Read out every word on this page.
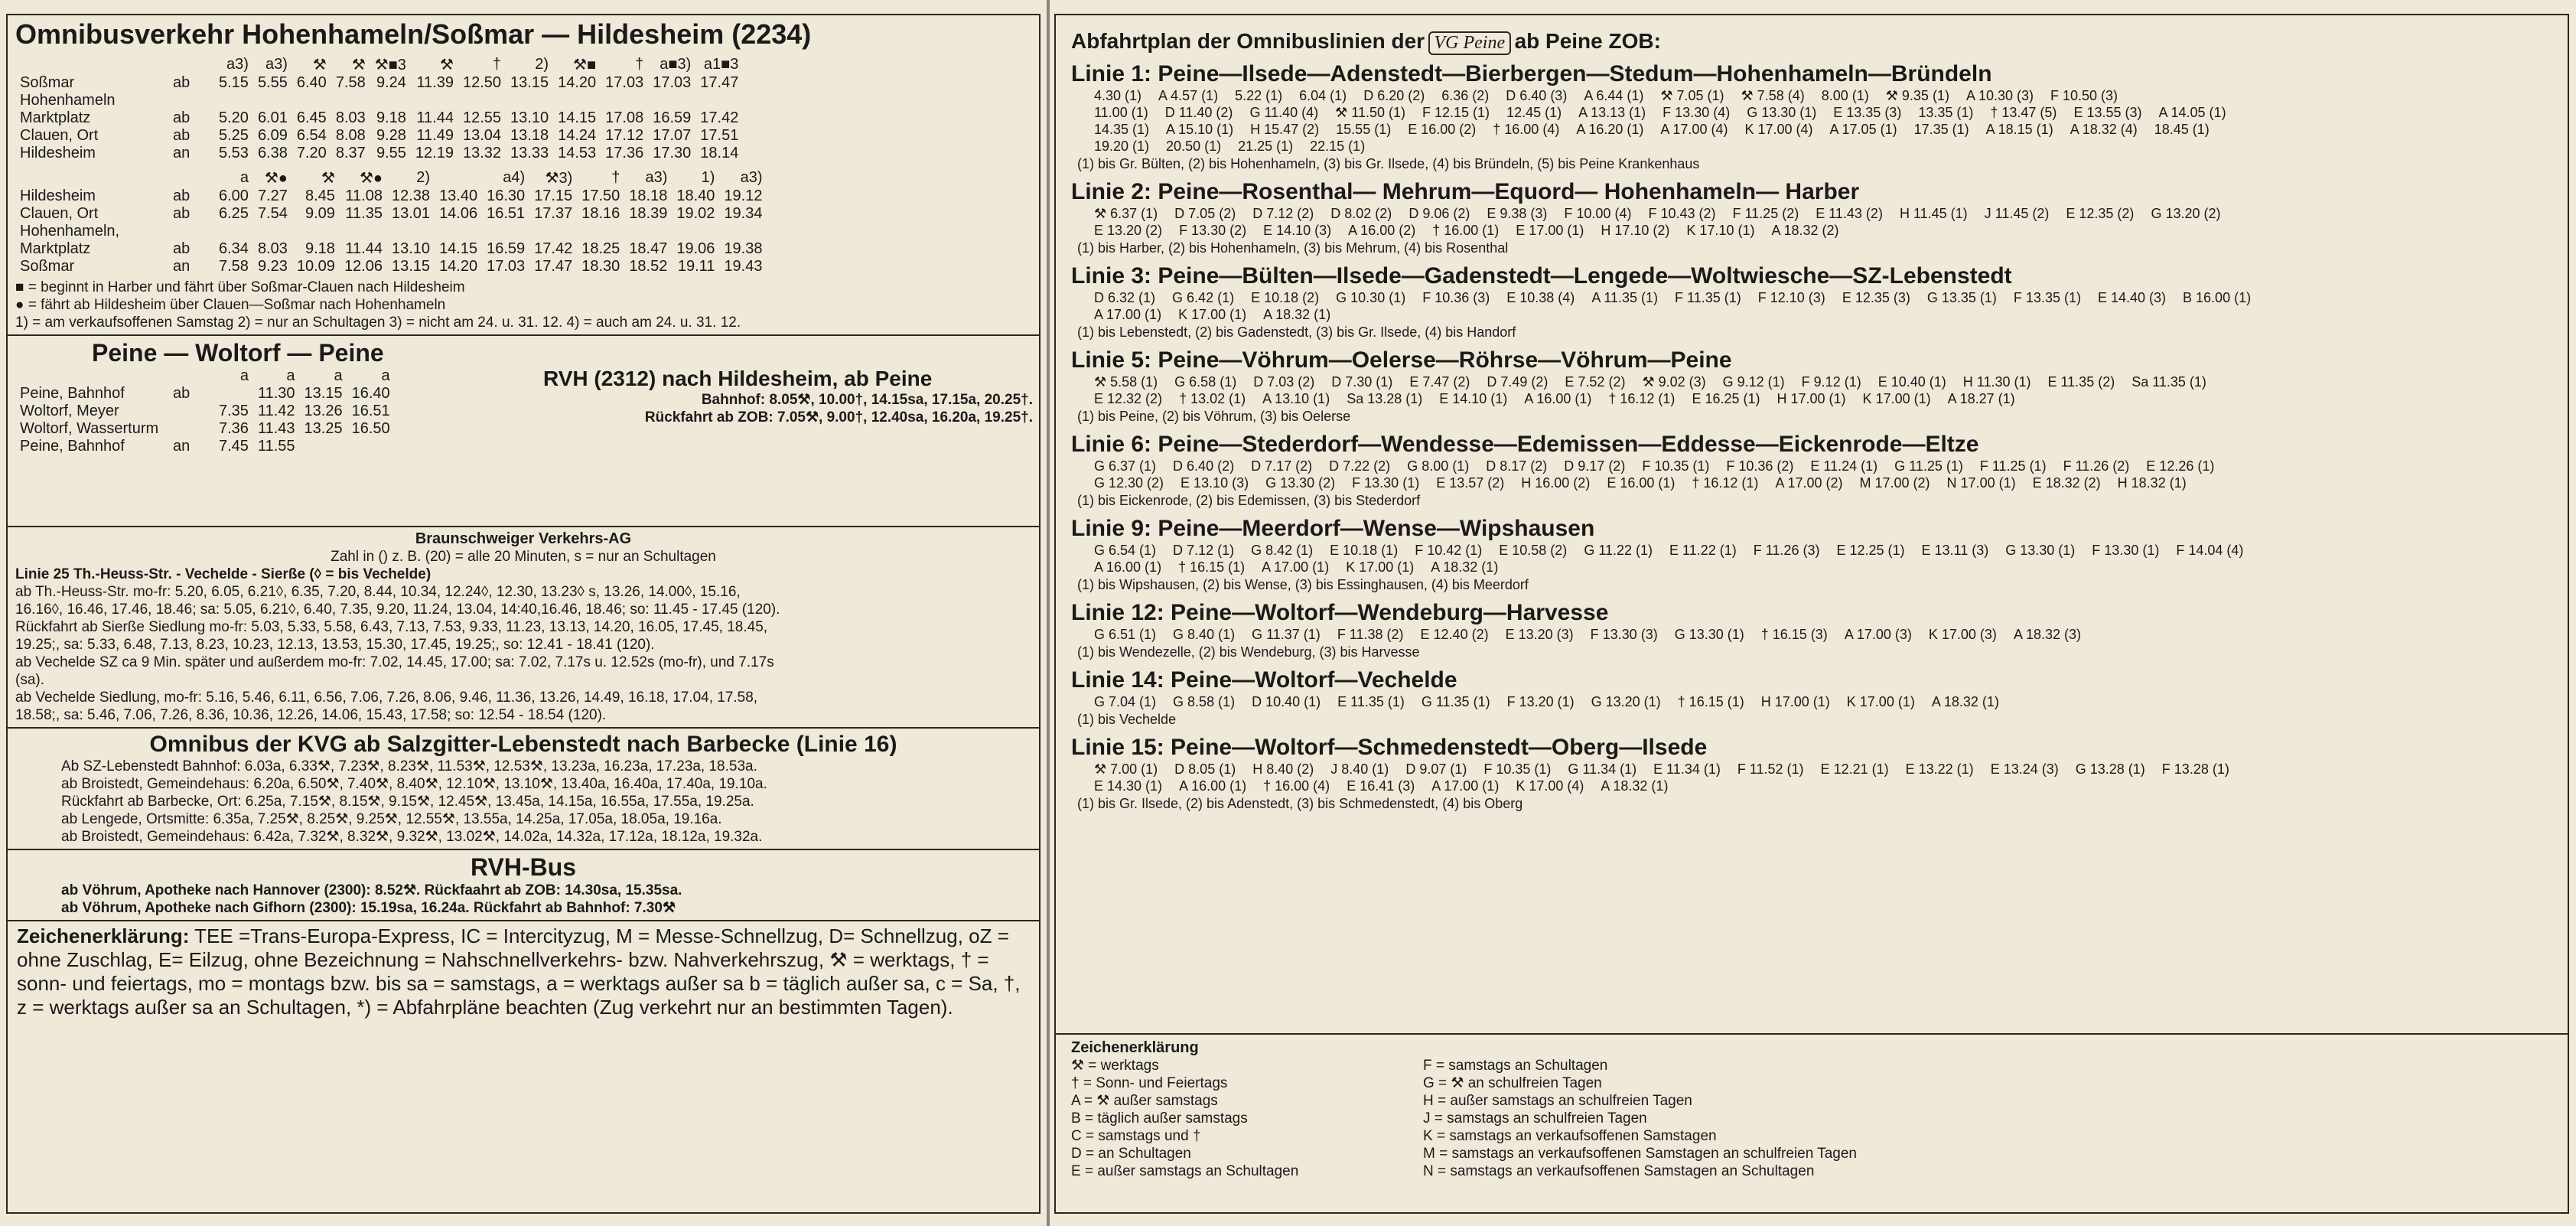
Omnibusverkehr Hohenhameln/Soßmar — Hildesheim (2234)
		a3)	a3)	⚒	⚒	⚒■3	⚒	†	2)	⚒■	†	a■3)	a1■3
Soßmar	ab	5.15	5.55	6.40	7.58	9.24	11.39	12.50	13.15	14.20	17.03	17.03	17.47
Hohenhameln													
Marktplatz	ab	5.20	6.01	6.45	8.03	9.18	11.44	12.55	13.10	14.15	17.08	16.59	17.42
Clauen, Ort	ab	5.25	6.09	6.54	8.08	9.28	11.49	13.04	13.18	14.24	17.12	17.07	17.51
Hildesheim	an	5.53	6.38	7.20	8.37	9.55	12.19	13.32	13.33	14.53	17.36	17.30	18.14
		a	⚒●	⚒	⚒●	2)		a4)	⚒3)	†	a3)	1)	a3)
Hildesheim	ab	6.00	7.27	8.45	11.08	12.38	13.40	16.30	17.15	17.50	18.18	18.40	19.12
Clauen, Ort	ab	6.25	7.54	9.09	11.35	13.01	14.06	16.51	17.37	18.16	18.39	19.02	19.34
Hohenhameln,													
Marktplatz	ab	6.34	8.03	9.18	11.44	13.10	14.15	16.59	17.42	18.25	18.47	19.06	19.38
Soßmar	an	7.58	9.23	10.09	12.06	13.15	14.20	17.03	17.47	18.30	18.52	19.11	19.43
■ = beginnt in Harber und fährt über Soßmar-Clauen nach Hildesheim
● = fährt ab Hildesheim über Clauen—Soßmar nach Hohenhameln
1) = am verkaufsoffenen Samstag 2) = nur an Schultagen 3) = nicht am 24. u. 31. 12. 4) = auch am 24. u. 31. 12.
Peine — Woltorf — Peine
		a	a	a	a
Peine, Bahnhof	ab		11.30	13.15	16.40
Woltorf, Meyer		7.35	11.42	13.26	16.51
Woltorf, Wasserturm		7.36	11.43	13.25	16.50
Peine, Bahnhof	an	7.45	11.55		
RVH (2312) nach Hildesheim, ab Peine
Bahnhof: 8.05⚒, 10.00†, 14.15sa, 17.15a, 20.25†.
Rückfahrt ab ZOB: 7.05⚒, 9.00†, 12.40sa, 16.20a, 19.25†.
Braunschweiger Verkehrs-AG
Zahl in () z. B. (20) = alle 20 Minuten, s = nur an Schultagen
Linie 25 Th.-Heuss-Str. - Vechelde - Sierße (◊ = bis Vechelde)
ab Th.-Heuss-Str. mo-fr: 5.20, 6.05, 6.21◊, 6.35, 7.20, 8.44, 10.34, 12.24◊, 12.30, 13.23◊ s, 13.26, 14.00◊, 15.16,
16.16◊, 16.46, 17.46, 18.46; sa: 5.05, 6.21◊, 6.40, 7.35, 9.20, 11.24, 13.04, 14:40,16.46, 18.46; so: 11.45 - 17.45 (120).
Rückfahrt ab Sierße Siedlung mo-fr: 5.03, 5.33, 5.58, 6.43, 7.13, 7.53, 9.33, 11.23, 13.13, 14.20, 16.05, 17.45, 18.45,
19.25;, sa: 5.33, 6.48, 7.13, 8.23, 10.23, 12.13, 13.53, 15.30, 17.45, 19.25;, so: 12.41 - 18.41 (120).
ab Vechelde SZ ca 9 Min. später und außerdem mo-fr: 7.02, 14.45, 17.00; sa: 7.02, 7.17s u. 12.52s (mo-fr), und 7.17s
(sa).
ab Vechelde Siedlung, mo-fr: 5.16, 5.46, 6.11, 6.56, 7.06, 7.26, 8.06, 9.46, 11.36, 13.26, 14.49, 16.18, 17.04, 17.58,
18.58;, sa: 5.46, 7.06, 7.26, 8.36, 10.36, 12.26, 14.06, 15.43, 17.58; so: 12.54 - 18.54 (120).
Omnibus der KVG ab Salzgitter-Lebenstedt nach Barbecke (Linie 16)
Ab SZ-Lebenstedt Bahnhof: 6.03a, 6.33⚒, 7.23⚒, 8.23⚒, 11.53⚒, 12.53⚒, 13.23a, 16.23a, 17.23a, 18.53a.
ab Broistedt, Gemeindehaus: 6.20a, 6.50⚒, 7.40⚒, 8.40⚒, 12.10⚒, 13.10⚒, 13.40a, 16.40a, 17.40a, 19.10a.
Rückfahrt ab Barbecke, Ort: 6.25a, 7.15⚒, 8.15⚒, 9.15⚒, 12.45⚒, 13.45a, 14.15a, 16.55a, 17.55a, 19.25a.
ab Lengede, Ortsmitte: 6.35a, 7.25⚒, 8.25⚒, 9.25⚒, 12.55⚒, 13.55a, 14.25a, 17.05a, 18.05a, 19.16a.
ab Broistedt, Gemeindehaus: 6.42a, 7.32⚒, 8.32⚒, 9.32⚒, 13.02⚒, 14.02a, 14.32a, 17.12a, 18.12a, 19.32a.
RVH-Bus
ab Vöhrum, Apotheke nach Hannover (2300): 8.52⚒. Rückfaahrt ab ZOB: 14.30sa, 15.35sa.
ab Vöhrum, Apotheke nach Gifhorn (2300): 15.19sa, 16.24a. Rückfahrt ab Bahnhof: 7.30⚒
Zeichenerklärung: TEE =Trans-Europa-Express, IC = Intercityzug, M = Messe-Schnellzug, D= Schnellzug, oZ = ohne Zuschlag, E= Eilzug, ohne Bezeichnung = Nahschnellverkehrs- bzw. Nahverkehrszug, ⚒ = werktags, † = sonn- und feiertags, mo = montags bzw. bis sa = samstags, a = werktags außer sa b = täglich außer sa, c = Sa, †, z = werktags außer sa an Schultagen, *) = Abfahrpläne beachten (Zug verkehrt nur an bestimmten Tagen).
Abfahrtplan der Omnibuslinien der VG Peine ab Peine ZOB:
Linie 1: Peine—Ilsede—Adenstedt—Bierbergen—Stedum—Hohenhameln—Bründeln
4.30 (1) A 4.57 (1) 5.22 (1) 6.04 (1) D 6.20 (2) 6.36 (2) D 6.40 (3) A 6.44 (1) ⚒ 7.05 (1) ⚒ 7.58 (4) 8.00 (1) ⚒ 9.35 (1) A 10.30 (3) F 10.50 (3)
11.00 (1) D 11.40 (2) G 11.40 (4) ⚒ 11.50 (1) F 12.15 (1) 12.45 (1) A 13.13 (1) F 13.30 (4) G 13.30 (1) E 13.35 (3) 13.35 (1) † 13.47 (5) E 13.55 (3) A 14.05 (1)
14.35 (1) A 15.10 (1) H 15.47 (2) 15.55 (1) E 16.00 (2) † 16.00 (4) A 16.20 (1) A 17.00 (4) K 17.00 (4) A 17.05 (1) 17.35 (1) A 18.15 (1) A 18.32 (4) 18.45 (1)
19.20 (1) 20.50 (1) 21.25 (1) 22.15 (1)
(1) bis Gr. Bülten, (2) bis Hohenhameln, (3) bis Gr. Ilsede, (4) bis Bründeln, (5) bis Peine Krankenhaus
Linie 2: Peine—Rosenthal— Mehrum—Equord— Hohenhameln— Harber
⚒ 6.37 (1) D 7.05 (2) D 7.12 (2) D 8.02 (2) D 9.06 (2) E 9.38 (3) F 10.00 (4) F 10.43 (2) F 11.25 (2) E 11.43 (2) H 11.45 (1) J 11.45 (2) E 12.35 (2) G 13.20 (2)
E 13.20 (2) F 13.30 (2) E 14.10 (3) A 16.00 (2) † 16.00 (1) E 17.00 (1) H 17.10 (2) K 17.10 (1) A 18.32 (2)
(1) bis Harber, (2) bis Hohenhameln, (3) bis Mehrum, (4) bis Rosenthal
Linie 3: Peine—Bülten—Ilsede—Gadenstedt—Lengede—Woltwiesche—SZ-Lebenstedt
D 6.32 (1) G 6.42 (1) E 10.18 (2) G 10.30 (1) F 10.36 (3) E 10.38 (4) A 11.35 (1) F 11.35 (1) F 12.10 (3) E 12.35 (3) G 13.35 (1) F 13.35 (1) E 14.40 (3) B 16.00 (1)
A 17.00 (1) K 17.00 (1) A 18.32 (1)
(1) bis Lebenstedt, (2) bis Gadenstedt, (3) bis Gr. Ilsede, (4) bis Handorf
Linie 5: Peine—Vöhrum—Oelerse—Röhrse—Vöhrum—Peine
⚒ 5.58 (1) G 6.58 (1) D 7.03 (2) D 7.30 (1) E 7.47 (2) D 7.49 (2) E 7.52 (2) ⚒ 9.02 (3) G 9.12 (1) F 9.12 (1) E 10.40 (1) H 11.30 (1) E 11.35 (2) Sa 11.35 (1)
E 12.32 (2) † 13.02 (1) A 13.10 (1) Sa 13.28 (1) E 14.10 (1) A 16.00 (1) † 16.12 (1) E 16.25 (1) H 17.00 (1) K 17.00 (1) A 18.27 (1)
(1) bis Peine, (2) bis Vöhrum, (3) bis Oelerse
Linie 6: Peine—Stederdorf—Wendesse—Edemissen—Eddesse—Eickenrode—Eltze
G 6.37 (1) D 6.40 (2) D 7.17 (2) D 7.22 (2) G 8.00 (1) D 8.17 (2) D 9.17 (2) F 10.35 (1) F 10.36 (2) E 11.24 (1) G 11.25 (1) F 11.25 (1) F 11.26 (2) E 12.26 (1)
G 12.30 (2) E 13.10 (3) G 13.30 (2) F 13.30 (1) E 13.57 (2) H 16.00 (2) E 16.00 (1) † 16.12 (1) A 17.00 (2) M 17.00 (2) N 17.00 (1) E 18.32 (2) H 18.32 (1)
(1) bis Eickenrode, (2) bis Edemissen, (3) bis Stederdorf
Linie 9: Peine—Meerdorf—Wense—Wipshausen
G 6.54 (1) D 7.12 (1) G 8.42 (1) E 10.18 (1) F 10.42 (1) E 10.58 (2) G 11.22 (1) E 11.22 (1) F 11.26 (3) E 12.25 (1) E 13.11 (3) G 13.30 (1) F 13.30 (1) F 14.04 (4)
A 16.00 (1) † 16.15 (1) A 17.00 (1) K 17.00 (1) A 18.32 (1)
(1) bis Wipshausen, (2) bis Wense, (3) bis Essinghausen, (4) bis Meerdorf
Linie 12: Peine—Woltorf—Wendeburg—Harvesse
G 6.51 (1) G 8.40 (1) G 11.37 (1) F 11.38 (2) E 12.40 (2) E 13.20 (3) F 13.30 (3) G 13.30 (1) † 16.15 (3) A 17.00 (3) K 17.00 (3) A 18.32 (3)
(1) bis Wendezelle, (2) bis Wendeburg, (3) bis Harvesse
Linie 14: Peine—Woltorf—Vechelde
G 7.04 (1) G 8.58 (1) D 10.40 (1) E 11.35 (1) G 11.35 (1) F 13.20 (1) G 13.20 (1) † 16.15 (1) H 17.00 (1) K 17.00 (1) A 18.32 (1)
(1) bis Vechelde
Linie 15: Peine—Woltorf—Schmedenstedt—Oberg—Ilsede
⚒ 7.00 (1) D 8.05 (1) H 8.40 (2) J 8.40 (1) D 9.07 (1) F 10.35 (1) G 11.34 (1) E 11.34 (1) F 11.52 (1) E 12.21 (1) E 13.22 (1) E 13.24 (3) G 13.28 (1) F 13.28 (1)
E 14.30 (1) A 16.00 (1) † 16.00 (4) E 16.41 (3) A 17.00 (1) K 17.00 (4) A 18.32 (1)
(1) bis Gr. Ilsede, (2) bis Adenstedt, (3) bis Schmedenstedt, (4) bis Oberg
Zeichenerklärung
⚒ = werktags
† = Sonn- und Feiertags
A = ⚒ außer samstags
B = täglich außer samstags
C = samstags und †
D = an Schultagen
E = außer samstags an Schultagen
F = samstags an Schultagen
G = ⚒ an schulfreien Tagen
H = außer samstags an schulfreien Tagen
J = samstags an schulfreien Tagen
K = samstags an verkaufsoffenen Samstagen
M = samstags an verkaufsoffenen Samstagen an schulfreien Tagen
N = samstags an verkaufsoffenen Samstagen an Schultagen
